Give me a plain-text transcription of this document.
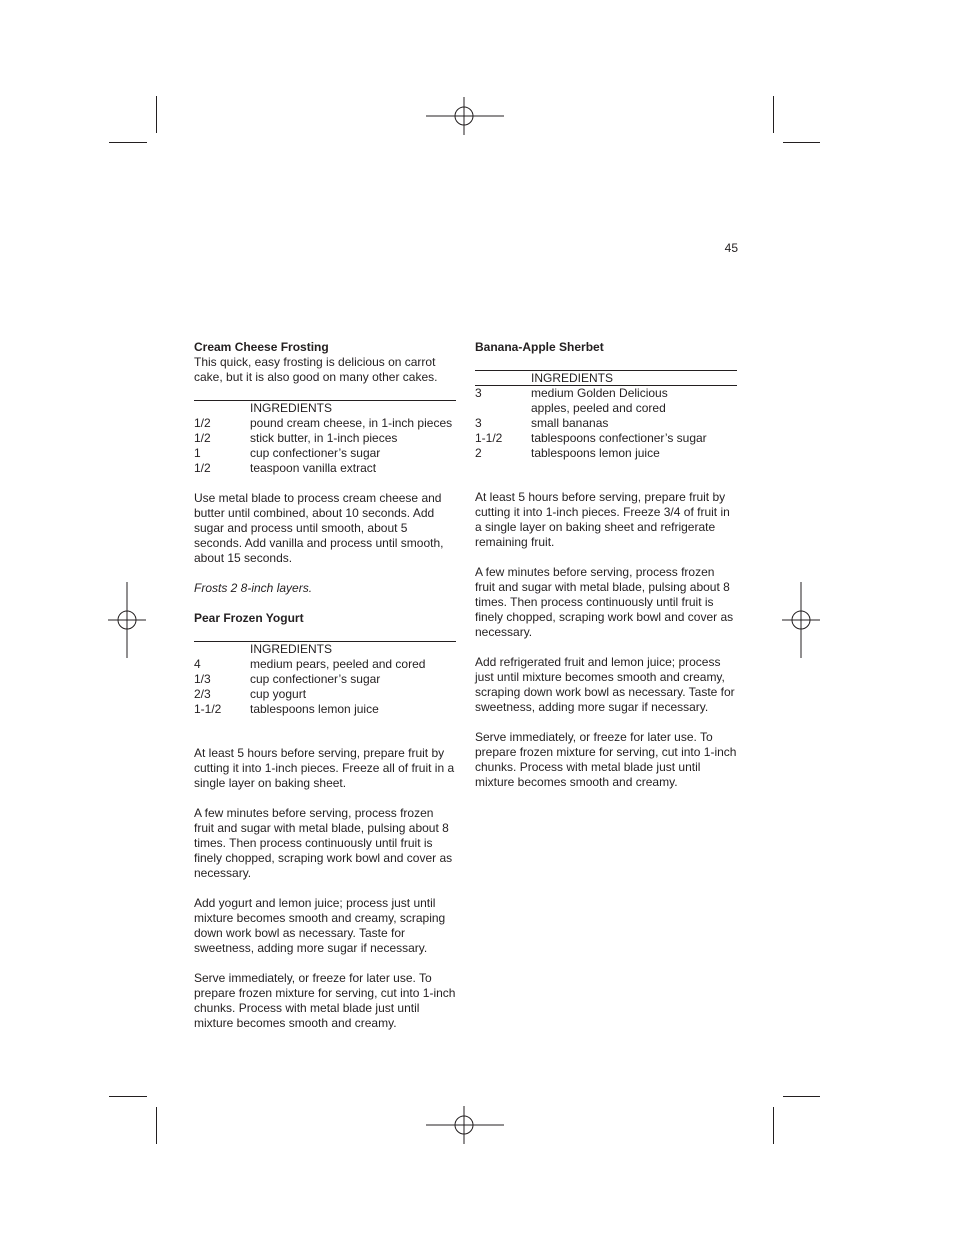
45
Cream Cheese Frosting

This quick, easy frosting is delicious on carrot cake, but it is also good on many other cakes.

INGREDIENTS
1/2	pound cream cheese, in 1-inch pieces
1/2	stick butter, in 1-inch pieces
1	cup confectioner’s sugar
1/2	teaspoon vanilla extract

Use metal blade to process cream cheese and butter until combined, about 10 seconds. Add sugar and process until smooth, about 5 seconds. Add vanilla and process until smooth, about 15 seconds.

Frosts 2 8-inch layers.

Pear Frozen Yogurt
INGREDIENTS
4	medium pears, peeled and cored
1/3	cup confectioner’s sugar
2/3	cup yogurt
1-1/2	tablespoons lemon juice

At least 5 hours before serving, prepare fruit by cutting it into 1-inch pieces. Freeze all of fruit in a single layer on baking sheet.

A few minutes before serving, process frozen fruit and sugar with metal blade, pulsing about 8 times. Then process continuously until fruit is finely chopped, scraping work bowl and cover as necessary.

Add yogurt and lemon juice; process just until mixture becomes smooth and creamy, scraping down work bowl as necessary. Taste for sweetness, adding more sugar if necessary.

Serve immediately, or freeze for later use. To prepare frozen mixture for serving, cut into 1-inch chunks. Process with metal blade just until mixture becomes smooth and creamy.

Banana-Apple Sherbet
INGREDIENTS
3	medium Golden Delicious apples, peeled and cored
3	small bananas
1-1/2	tablespoons confectioner’s sugar
2	tablespoons lemon juice

At least 5 hours before serving, prepare fruit by cutting it into 1-inch pieces. Freeze 3/4 of fruit in a single layer on baking sheet and refrigerate remaining fruit.

A few minutes before serving, process frozen fruit and sugar with metal blade, pulsing about 8 times. Then process continuously until fruit is finely chopped, scraping work bowl and cover as necessary.

Add refrigerated fruit and lemon juice; process just until mixture becomes smooth and creamy, scraping down work bowl as necessary. Taste for sweetness, adding more sugar if necessary.

Serve immediately, or freeze for later use. To prepare frozen mixture for serving, cut into 1-inch chunks. Process with metal blade just until mixture becomes smooth and creamy.
